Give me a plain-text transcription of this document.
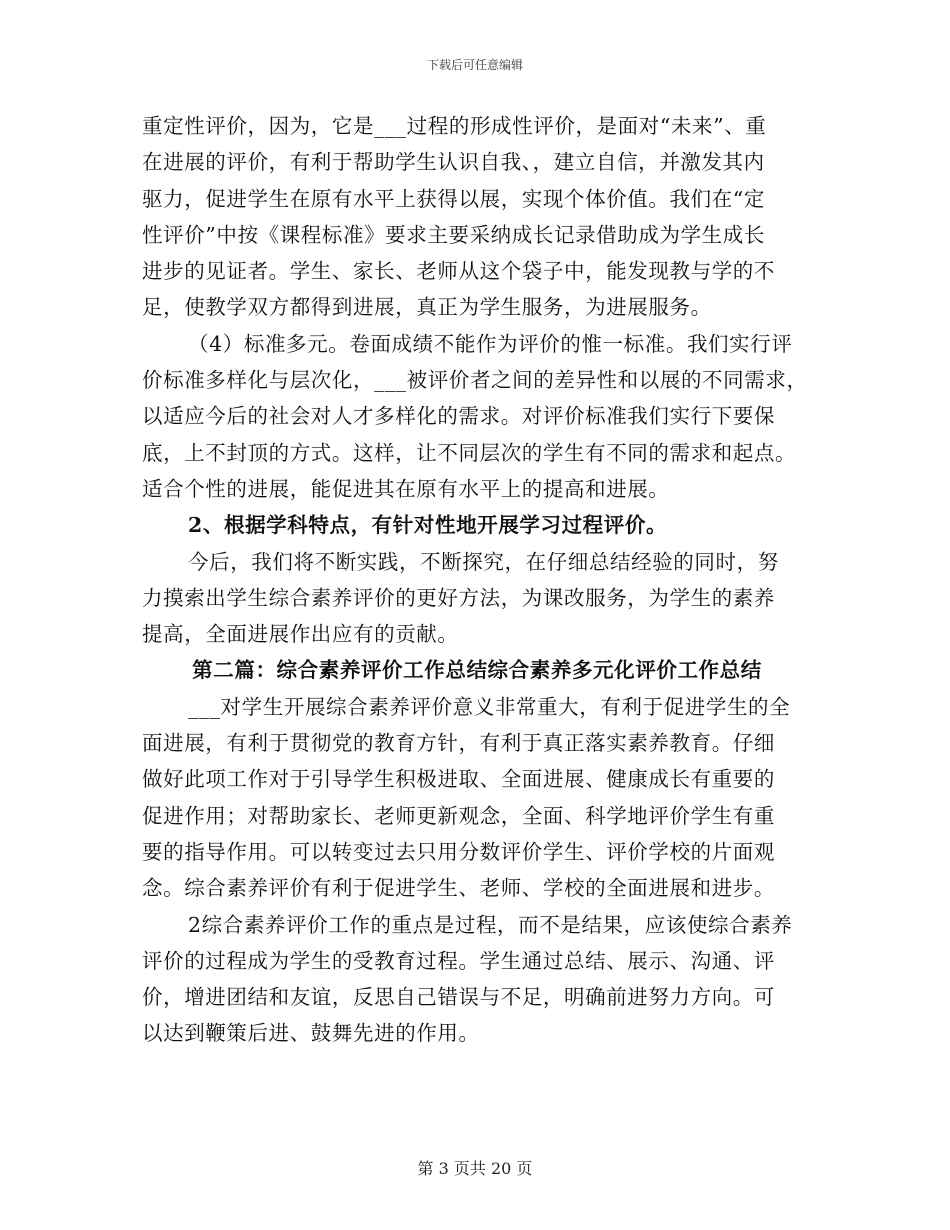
下载后可任意编辑
重定性评价，因为，它是___过程的形成性评价，是面对“未来”、重
在进展的评价，有利于帮助学生认识自我、，建立自信，并激发其内
驱力，促进学生在原有水平上获得以展，实现个体价值。我们在“定
性评价”中按《课程标准》要求主要采纳成长记录借助成为学生成长
进步的见证者。学生、家长、老师从这个袋子中，能发现教与学的不
足，使教学双方都得到进展，真正为学生服务，为进展服务。
（4）标准多元。卷面成绩不能作为评价的惟一标准。我们实行评
价标准多样化与层次化，___被评价者之间的差异性和以展的不同需求，
以适应今后的社会对人才多样化的需求。对评价标准我们实行下要保
底，上不封顶的方式。这样，让不同层次的学生有不同的需求和起点。
适合个性的进展，能促进其在原有水平上的提高和进展。
2、根据学科特点，有针对性地开展学习过程评价。
今后，我们将不断实践，不断探究，在仔细总结经验的同时，努
力摸索出学生综合素养评价的更好方法，为课改服务，为学生的素养
提高，全面进展作出应有的贡献。
第二篇：综合素养评价工作总结综合素养多元化评价工作总结
___对学生开展综合素养评价意义非常重大，有利于促进学生的全
面进展，有利于贯彻党的教育方针，有利于真正落实素养教育。仔细
做好此项工作对于引导学生积极进取、全面进展、健康成长有重要的
促进作用；对帮助家长、老师更新观念，全面、科学地评价学生有重
要的指导作用。可以转变过去只用分数评价学生、评价学校的片面观
念。综合素养评价有利于促进学生、老师、学校的全面进展和进步。
2综合素养评价工作的重点是过程，而不是结果，应该使综合素养
评价的过程成为学生的受教育过程。学生通过总结、展示、沟通、评
价，增进团结和友谊，反思自己错误与不足，明确前进努力方向。可
以达到鞭策后进、鼓舞先进的作用。
第 3 页共 20 页
